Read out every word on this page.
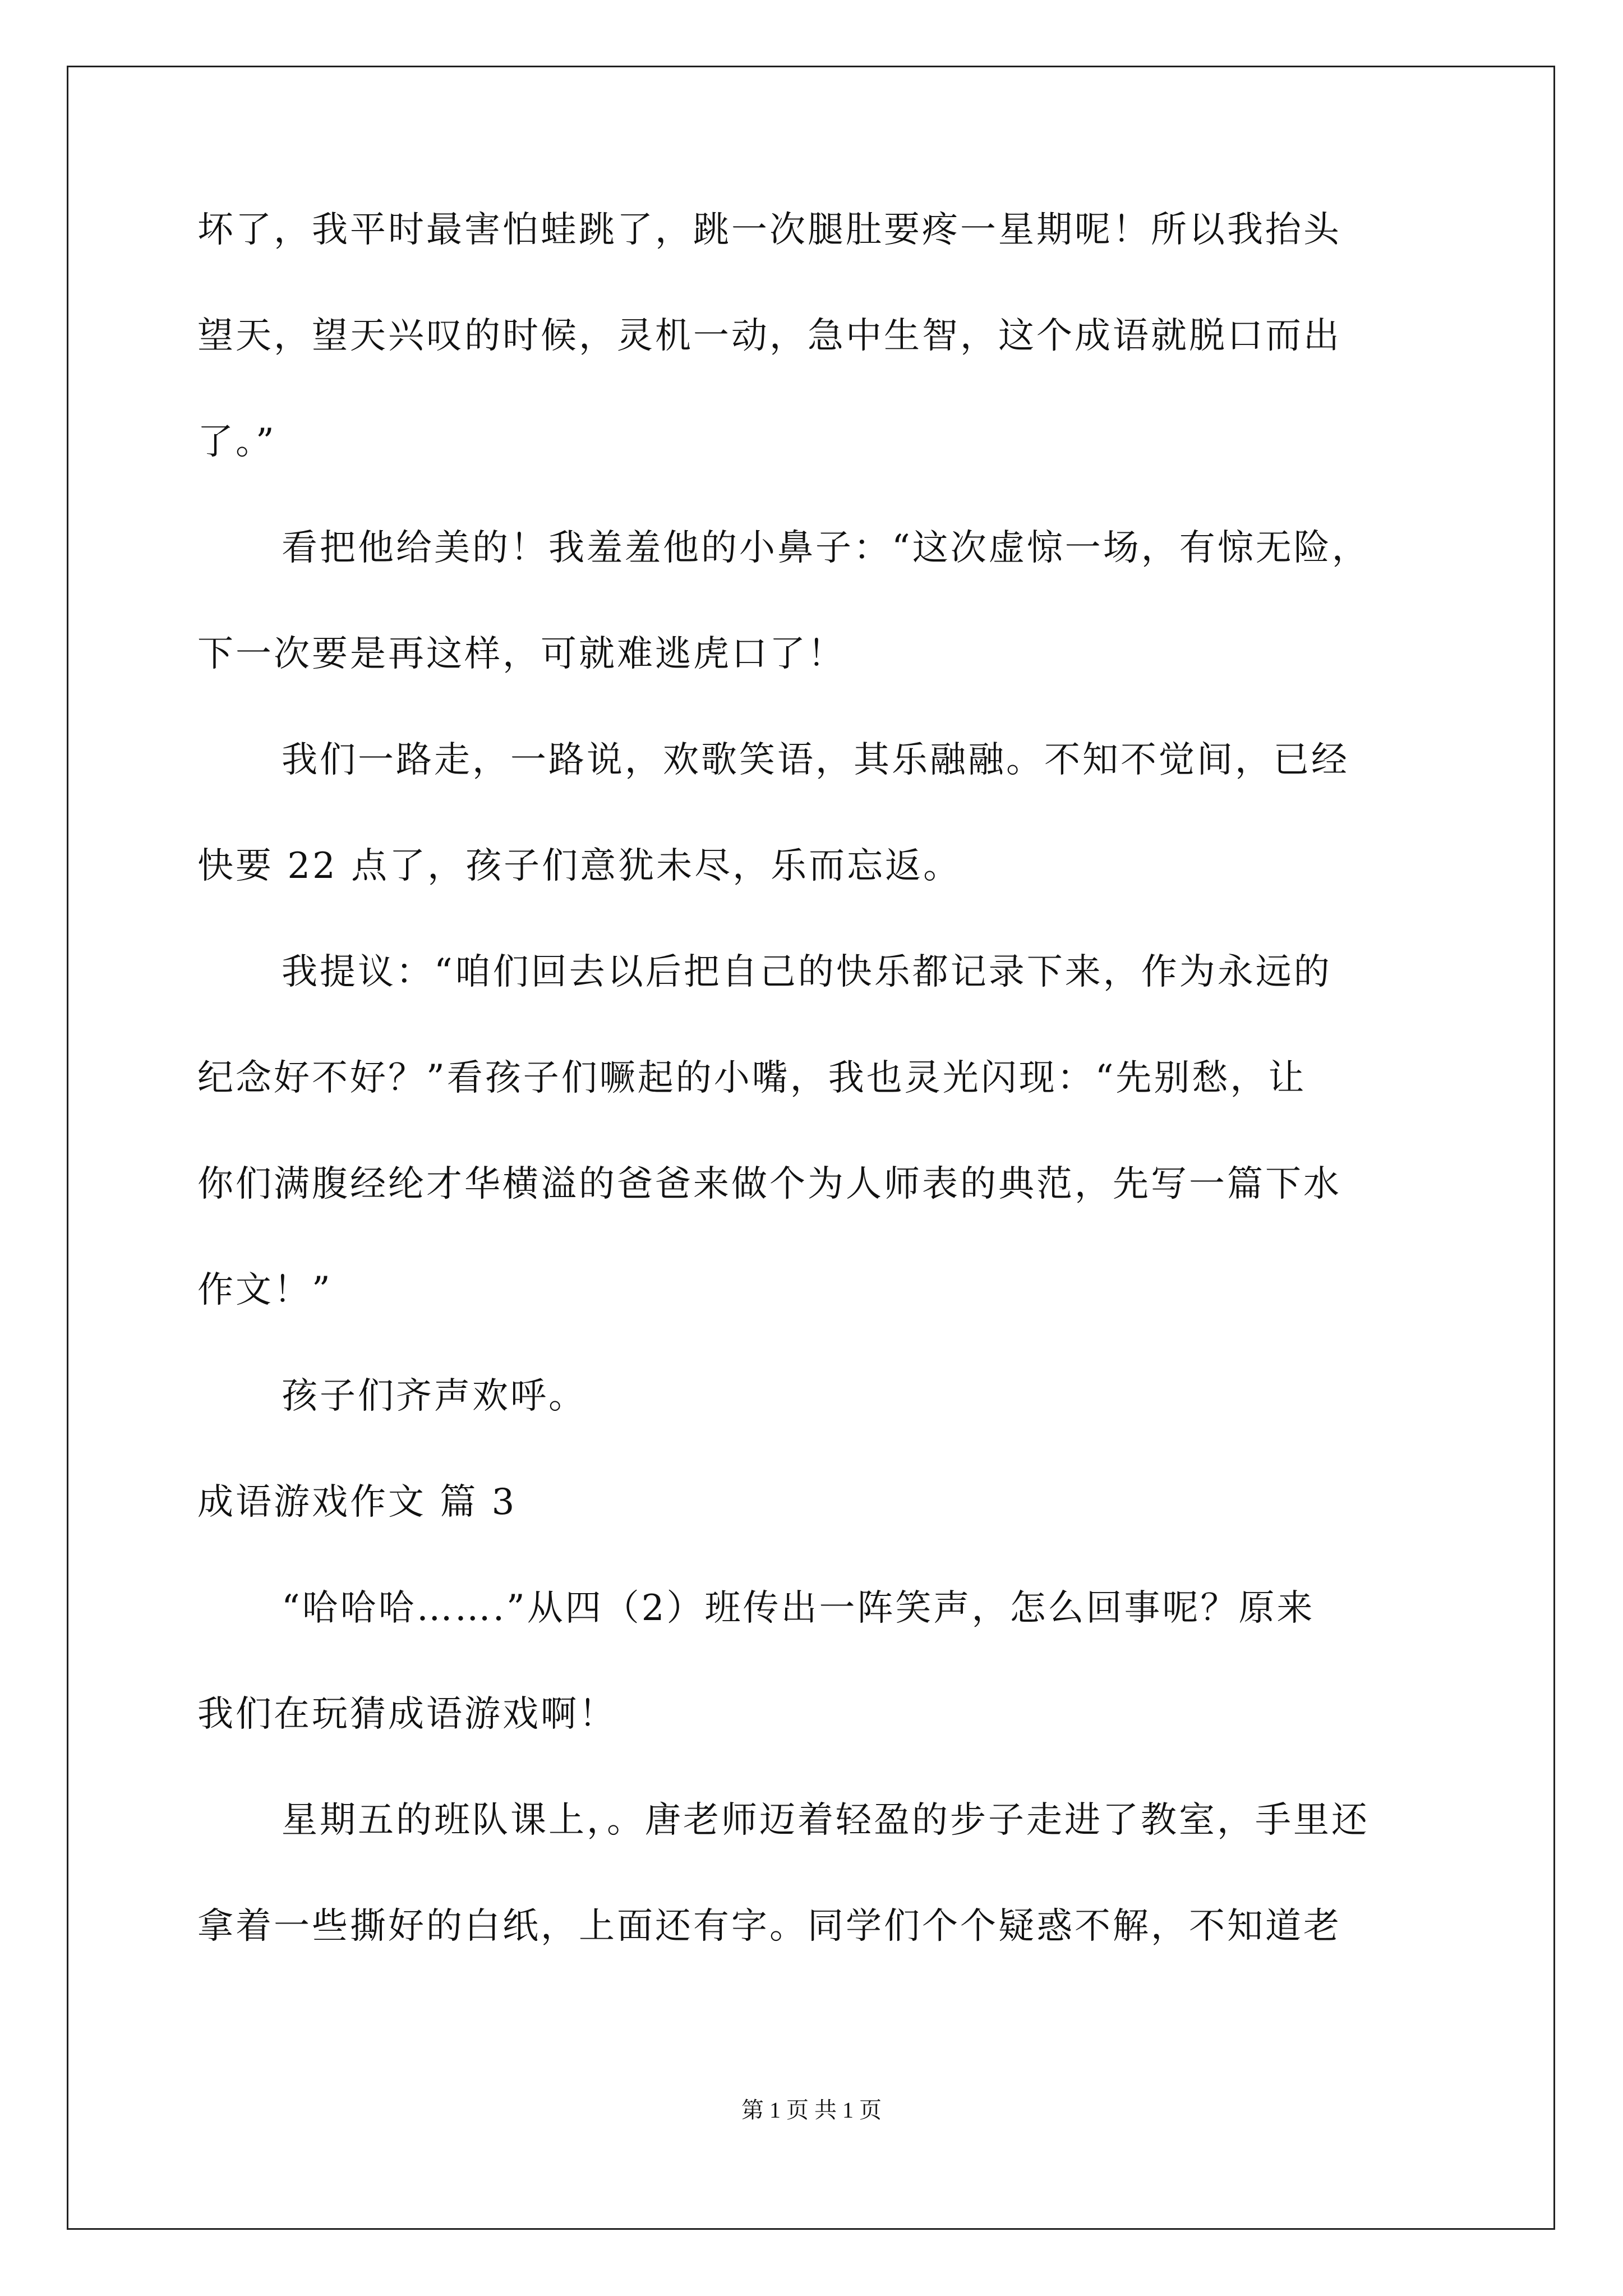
坏了，我平时最害怕蛙跳了，跳一次腿肚要疼一星期呢！所以我抬头
望天，望天兴叹的时候，灵机一动，急中生智，这个成语就脱口而出
了。”
看把他给美的！我羞羞他的小鼻子：“这次虚惊一场，有惊无险，
下一次要是再这样，可就难逃虎口了！
我们一路走，一路说，欢歌笑语，其乐融融。不知不觉间，已经
快要 22 点了，孩子们意犹未尽，乐而忘返。
我提议：“咱们回去以后把自己的快乐都记录下来，作为永远的
纪念好不好？”看孩子们噘起的小嘴，我也灵光闪现：“先别愁，让
你们满腹经纶才华横溢的爸爸来做个为人师表的典范，先写一篇下水
作文！”
孩子们齐声欢呼。
成语游戏作文 篇 3
“哈哈哈…….”从四（2）班传出一阵笑声，怎么回事呢？原来
我们在玩猜成语游戏啊！
星期五的班队课上，。唐老师迈着轻盈的步子走进了教室，手里还
拿着一些撕好的白纸，上面还有字。同学们个个疑惑不解，不知道老
第 1 页 共 1 页
